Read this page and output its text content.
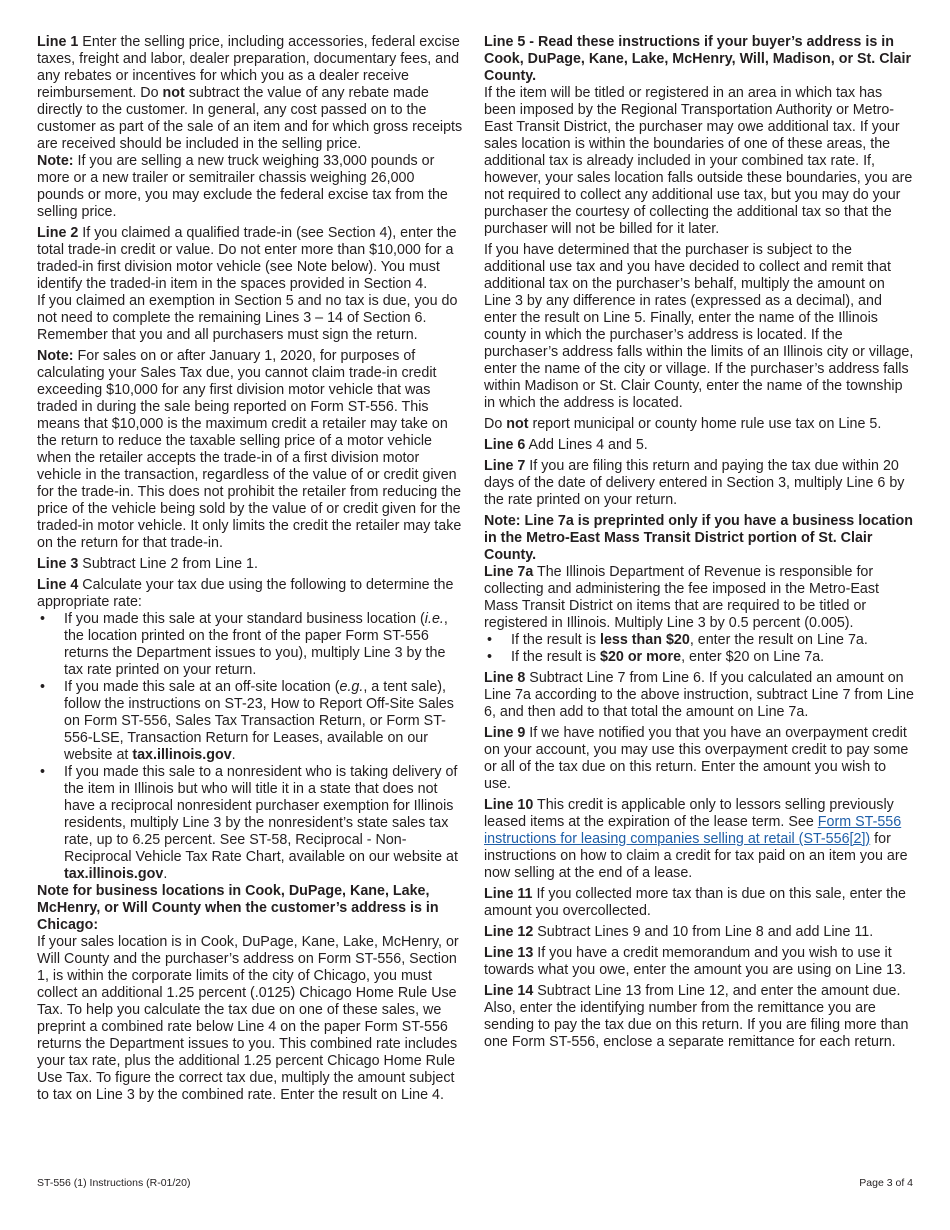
Line 1 Enter the selling price, including accessories, federal excise taxes, freight and labor, dealer preparation, documentary fees, and any rebates or incentives for which you as a dealer receive reimbursement. Do not subtract the value of any rebate made directly to the customer. In general, any cost passed on to the customer as part of the sale of an item and for which gross receipts are received should be included in the selling price.
Note: If you are selling a new truck weighing 33,000 pounds or more or a new trailer or semitrailer chassis weighing 26,000 pounds or more, you may exclude the federal excise tax from the selling price.

Line 2 If you claimed a qualified trade-in (see Section 4), enter the total trade-in credit or value. Do not enter more than $10,000 for a traded-in first division motor vehicle (see Note below). You must identify the traded-in item in the spaces provided in Section 4.

If you claimed an exemption in Section 5 and no tax is due, you do not need to complete the remaining Lines 3 – 14 of Section 6. Remember that you and all purchasers must sign the return.

Note: For sales on or after January 1, 2020, for purposes of calculating your Sales Tax due, you cannot claim trade-in credit exceeding $10,000 for any first division motor vehicle that was traded in during the sale being reported on Form ST-556. This means that $10,000 is the maximum credit a retailer may take on the return to reduce the taxable selling price of a motor vehicle when the retailer accepts the trade-in of a first division motor vehicle in the transaction, regardless of the value of or credit given for the trade-in. This does not prohibit the retailer from reducing the price of the vehicle being sold by the value of or credit given for the traded-in motor vehicle. It only limits the credit the retailer may take on the return for that trade-in.

Line 3 Subtract Line 2 from Line 1.

Line 4 Calculate your tax due using the following to determine the appropriate rate:

• If you made this sale at your standard business location (i.e., the location printed on the front of the paper Form ST-556 returns the Department issues to you), multiply Line 3 by the tax rate printed on your return.
• If you made this sale at an off-site location (e.g., a tent sale), follow the instructions on ST-23, How to Report Off-Site Sales on Form ST-556, Sales Tax Transaction Return, or Form ST-556-LSE, Transaction Return for Leases, available on our website at tax.illinois.gov.
• If you made this sale to a nonresident who is taking delivery of the item in Illinois but who will title it in a state that does not have a reciprocal nonresident purchaser exemption for Illinois residents, multiply Line 3 by the nonresident’s state sales tax rate, up to 6.25 percent. See ST-58, Reciprocal - Non-Reciprocal Vehicle Tax Rate Chart, available on our website at tax.illinois.gov.

Note for business locations in Cook, DuPage, Kane, Lake, McHenry, or Will County when the customer’s address is in Chicago:

If your sales location is in Cook, DuPage, Kane, Lake, McHenry, or Will County and the purchaser’s address on Form ST-556, Section 1, is within the corporate limits of the city of Chicago, you must collect an additional 1.25 percent (.0125) Chicago Home Rule Use Tax. To help you calculate the tax due on one of these sales, we preprint a combined rate below Line 4 on the paper Form ST-556 returns the Department issues to you. This combined rate includes your tax rate, plus the additional 1.25 percent Chicago Home Rule Use Tax. To figure the correct tax due, multiply the amount subject to tax on Line 3 by the combined rate. Enter the result on Line 4.

Line 5 - Read these instructions if your buyer’s address is in Cook, DuPage, Kane, Lake, McHenry, Will, Madison, or St. Clair County.

If the item will be titled or registered in an area in which tax has been imposed by the Regional Transportation Authority or Metro-East Transit District, the purchaser may owe additional tax. If your sales location is within the boundaries of one of these areas, the additional tax is already included in your combined tax rate. If, however, your sales location falls outside these boundaries, you are not required to collect any additional use tax, but you may do your purchaser the courtesy of collecting the additional tax so that the purchaser will not be billed for it later.

If you have determined that the purchaser is subject to the additional use tax and you have decided to collect and remit that additional tax on the purchaser’s behalf, multiply the amount on Line 3 by any difference in rates (expressed as a decimal), and enter the result on Line 5. Finally, enter the name of the Illinois county in which the purchaser’s address is located. If the purchaser’s address falls within the limits of an Illinois city or village, enter the name of the city or village. If the purchaser’s address falls within Madison or St. Clair County, enter the name of the township in which the address is located.

Do not report municipal or county home rule use tax on Line 5.

Line 6 Add Lines 4 and 5.

Line 7 If you are filing this return and paying the tax due within 20 days of the date of delivery entered in Section 3, multiply Line 6 by the rate printed on your return.

Note: Line 7a is preprinted only if you have a business location in the Metro-East Mass Transit District portion of St. Clair County.

Line 7a The Illinois Department of Revenue is responsible for collecting and administering the fee imposed in the Metro-East Mass Transit District on items that are required to be titled or registered in Illinois. Multiply Line 3 by 0.5 percent (0.005).

• If the result is less than $20, enter the result on Line 7a.
• If the result is $20 or more, enter $20 on Line 7a.

Line 8 Subtract Line 7 from Line 6. If you calculated an amount on Line 7a according to the above instruction, subtract Line 7 from Line 6, and then add to that total the amount on Line 7a.

Line 9 If we have notified you that you have an overpayment credit on your account, you may use this overpayment credit to pay some or all of the tax due on this return. Enter the amount you wish to use.

Line 10 This credit is applicable only to lessors selling previously leased items at the expiration of the lease term. See Form ST-556 instructions for leasing companies selling at retail (ST-556[2]) for instructions on how to claim a credit for tax paid on an item you are now selling at the end of a lease.

Line 11 If you collected more tax than is due on this sale, enter the amount you overcollected.

Line 12 Subtract Lines 9 and 10 from Line 8 and add Line 11.

Line 13 If you have a credit memorandum and you wish to use it towards what you owe, enter the amount you are using on Line 13.

Line 14 Subtract Line 13 from Line 12, and enter the amount due. Also, enter the identifying number from the remittance you are sending to pay the tax due on this return. If you are filing more than one Form ST-556, enclose a separate remittance for each return.

ST-556 (1) Instructions (R-01/20)	Page 3 of 4
